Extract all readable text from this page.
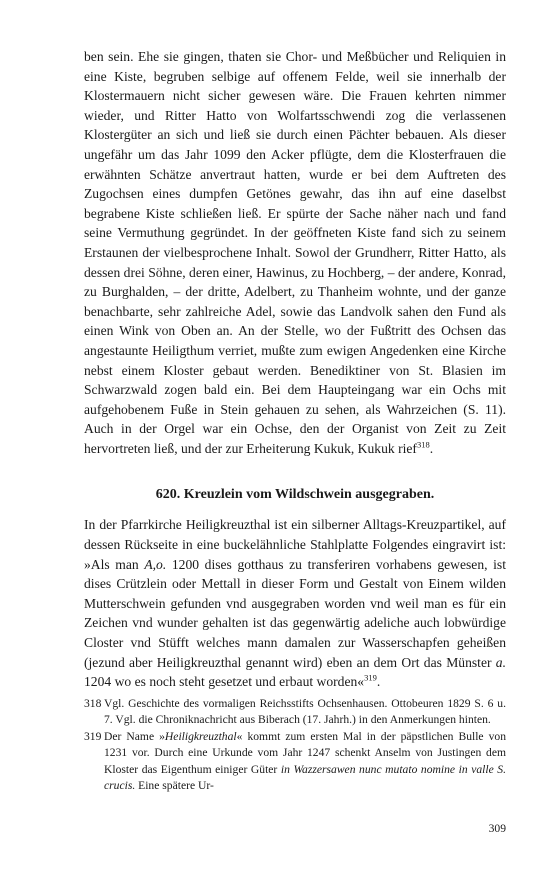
ben sein. Ehe sie gingen, thaten sie Chor- und Meßbücher und Reliquien in eine Kiste, begruben selbige auf offenem Felde, weil sie innerhalb der Klostermauern nicht sicher gewesen wäre. Die Frauen kehrten nimmer wieder, und Ritter Hatto von Wolfartsschwendi zog die verlassenen Klostergüter an sich und ließ sie durch einen Pächter bebauen. Als dieser ungefähr um das Jahr 1099 den Acker pflügte, dem die Klosterfrauen die erwähnten Schätze anvertraut hatten, wurde er bei dem Auftreten des Zugochsen eines dumpfen Getönes gewahr, das ihn auf eine daselbst begrabene Kiste schließen ließ. Er spürte der Sache näher nach und fand seine Vermuthung gegründet. In der geöffneten Kiste fand sich zu seinem Erstaunen der vielbesprochene Inhalt. Sowol der Grundherr, Ritter Hatto, als dessen drei Söhne, deren einer, Hawinus, zu Hochberg, – der andere, Konrad, zu Burghalden, – der dritte, Adelbert, zu Thanheim wohnte, und der ganze benachbarte, sehr zahlreiche Adel, sowie das Landvolk sahen den Fund als einen Wink von Oben an. An der Stelle, wo der Fußtritt des Ochsen das angestaunte Heiligthum verriet, mußte zum ewigen Angedenken eine Kirche nebst einem Kloster gebaut werden. Benediktiner von St. Blasien im Schwarzwald zogen bald ein. Bei dem Haupteingang war ein Ochs mit aufgehobenem Fuße in Stein gehauen zu sehen, als Wahrzeichen (S. 11). Auch in der Orgel war ein Ochse, den der Organist von Zeit zu Zeit hervortreten ließ, und der zur Erheiterung Kukuk, Kukuk rief$^{318}$.

620. Kreuzlein vom Wildschwein ausgegraben.

In der Pfarrkirche Heiligkreuzthal ist ein silberner Alltags-Kreuzpartikel, auf dessen Rückseite in eine buckelähnliche Stahlplatte Folgendes eingravirt ist: »Als man A,o. 1200 dises gotthaus zu transferiren vorhabens gewesen, ist dises Crützlein oder Mettall in dieser Form und Gestalt von Einem wilden Mutterschwein gefunden vnd ausgegraben worden vnd weil man es für ein Zeichen vnd wunder gehalten ist das gegenwärtig adeliche auch lobwürdige Closter vnd Stüfft welches mann damalen zur Wasserschapfen geheißen (jezund aber Heiligkreuzthal genannt wird) eben an dem Ort das Münster a. 1204 wo es noch steht gesetzet und erbaut worden«$^{319}$.

318 Vgl. Geschichte des vormaligen Reichsstifts Ochsenhausen. Ottobeuren 1829 S. 6 u. 7. Vgl. die Chroniknachricht aus Biberach (17. Jahrh.) in den Anmerkungen hinten.
319 Der Name »Heiligkreuzthal« kommt zum ersten Mal in der päpstlichen Bulle von 1231 vor. Durch eine Urkunde vom Jahr 1247 schenkt Anselm von Justingen dem Kloster das Eigenthum einiger Güter in Wazzersawen nunc mutato nomine in valle S. crucis. Eine spätere Ur-
309
